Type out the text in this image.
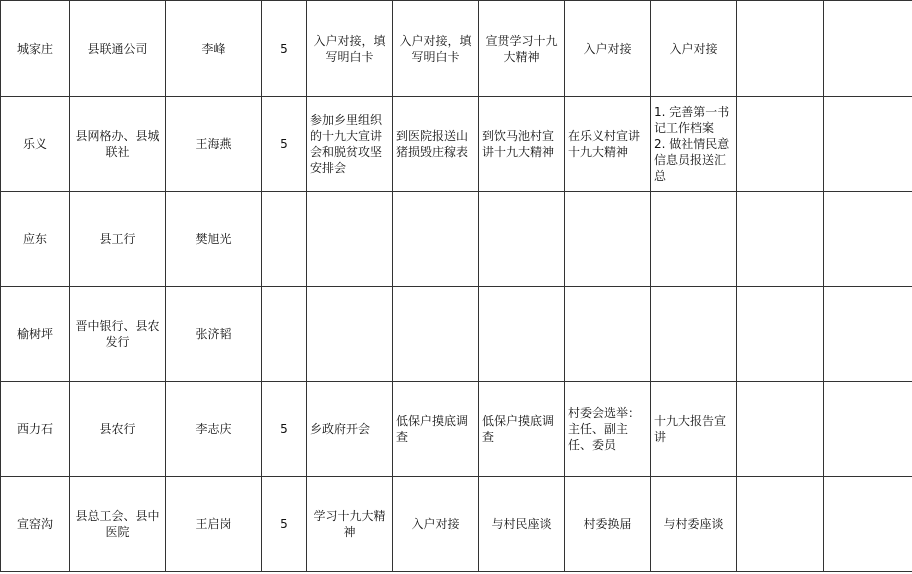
城家庄	县联通公司	李峰	5	入户对接，填写明白卡	入户对接，填写明白卡	宣贯学习十九大精神	入户对接	入户对接		
乐义	县网格办、县城联社	王海燕	5	参加乡里组织的十九大宣讲会和脱贫攻坚安排会	到医院报送山猪损毁庄稼表	到饮马池村宣讲十九大精神	在乐义村宣讲十九大精神	1. 完善第一书记工作档案
2. 做社情民意信息员报送汇总		
应东	县工行	樊旭光								
榆树坪	晋中银行、县农发行	张济韬								
西力石	县农行	李志庆	5	乡政府开会	低保户摸底调查	低保户摸底调查	村委会选举：主任、副主任、委员	十九大报告宣讲		
宣窑沟	县总工会、县中医院	王启岗	5	学习十九大精神	入户对接	与村民座谈	村委换届	与村委座谈		
